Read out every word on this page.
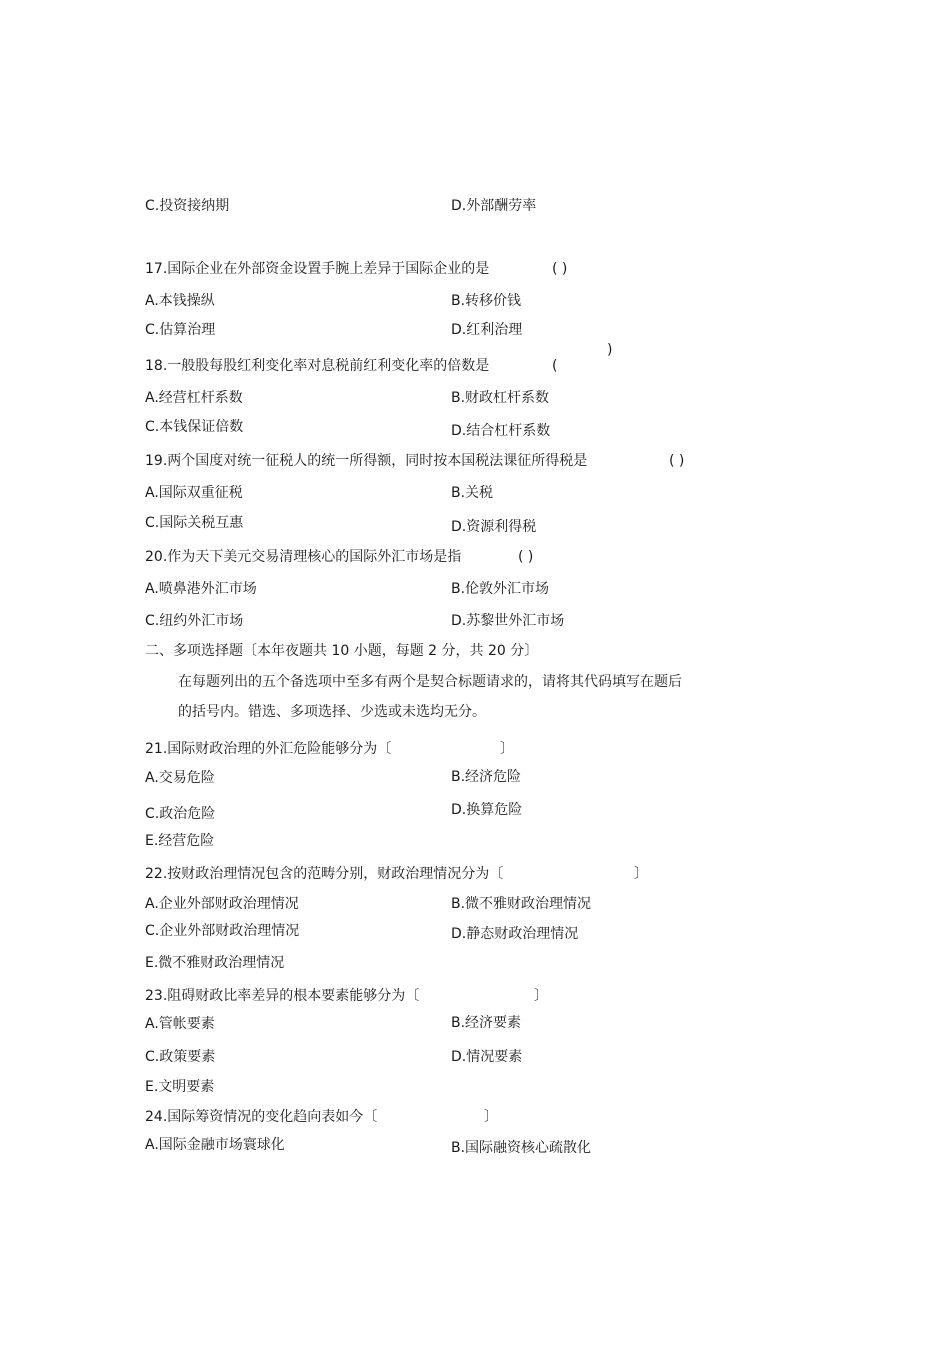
C.投资接纳期	D.外部酬劳率
17.国际企业在外部资金设置手腕上差异于国际企业的是	( )
A.本钱操纵	B.转移价钱
C.估算治理	D.红利治理
)
18.一般股每股红利变化率对息税前红利变化率的倍数是	(
A.经营杠杆系数	B.财政杠杆系数
C.本钱保证倍数	D.结合杠杆系数
19.两个国度对统一征税人的统一所得额，同时按本国税法课征所得税是	( )
A.国际双重征税	B.关税
C.国际关税互惠	D.资源利得税
20.作为天下美元交易清理核心的国际外汇市场是指	( )
A.喷鼻港外汇市场	B.伦敦外汇市场
C.纽约外汇市场	D.苏黎世外汇市场
二、多项选择题〔本年夜题共 10 小题，每题 2 分，共 20 分〕
在每题列出的五个备选项中至多有两个是契合标题请求的，请将其代码填写在题后
的括号内。错选、多项选择、少选或未选均无分。
21.国际财政治理的外汇危险能够分为〔	〕
A.交易危险	B.经济危险
C.政治危险	D.换算危险
E.经营危险
22.按财政治理情况包含的范畴分别，财政治理情况分为〔	〕
A.企业外部财政治理情况	B.微不雅财政治理情况
C.企业外部财政治理情况	D.静态财政治理情况
E.微不雅财政治理情况
23.阻碍财政比率差异的根本要素能够分为〔	〕
A.管帐要素	B.经济要素
C.政策要素	D.情况要素
E.文明要素
24.国际筹资情况的变化趋向表如今〔	〕
A.国际金融市场寰球化	B.国际融资核心疏散化
